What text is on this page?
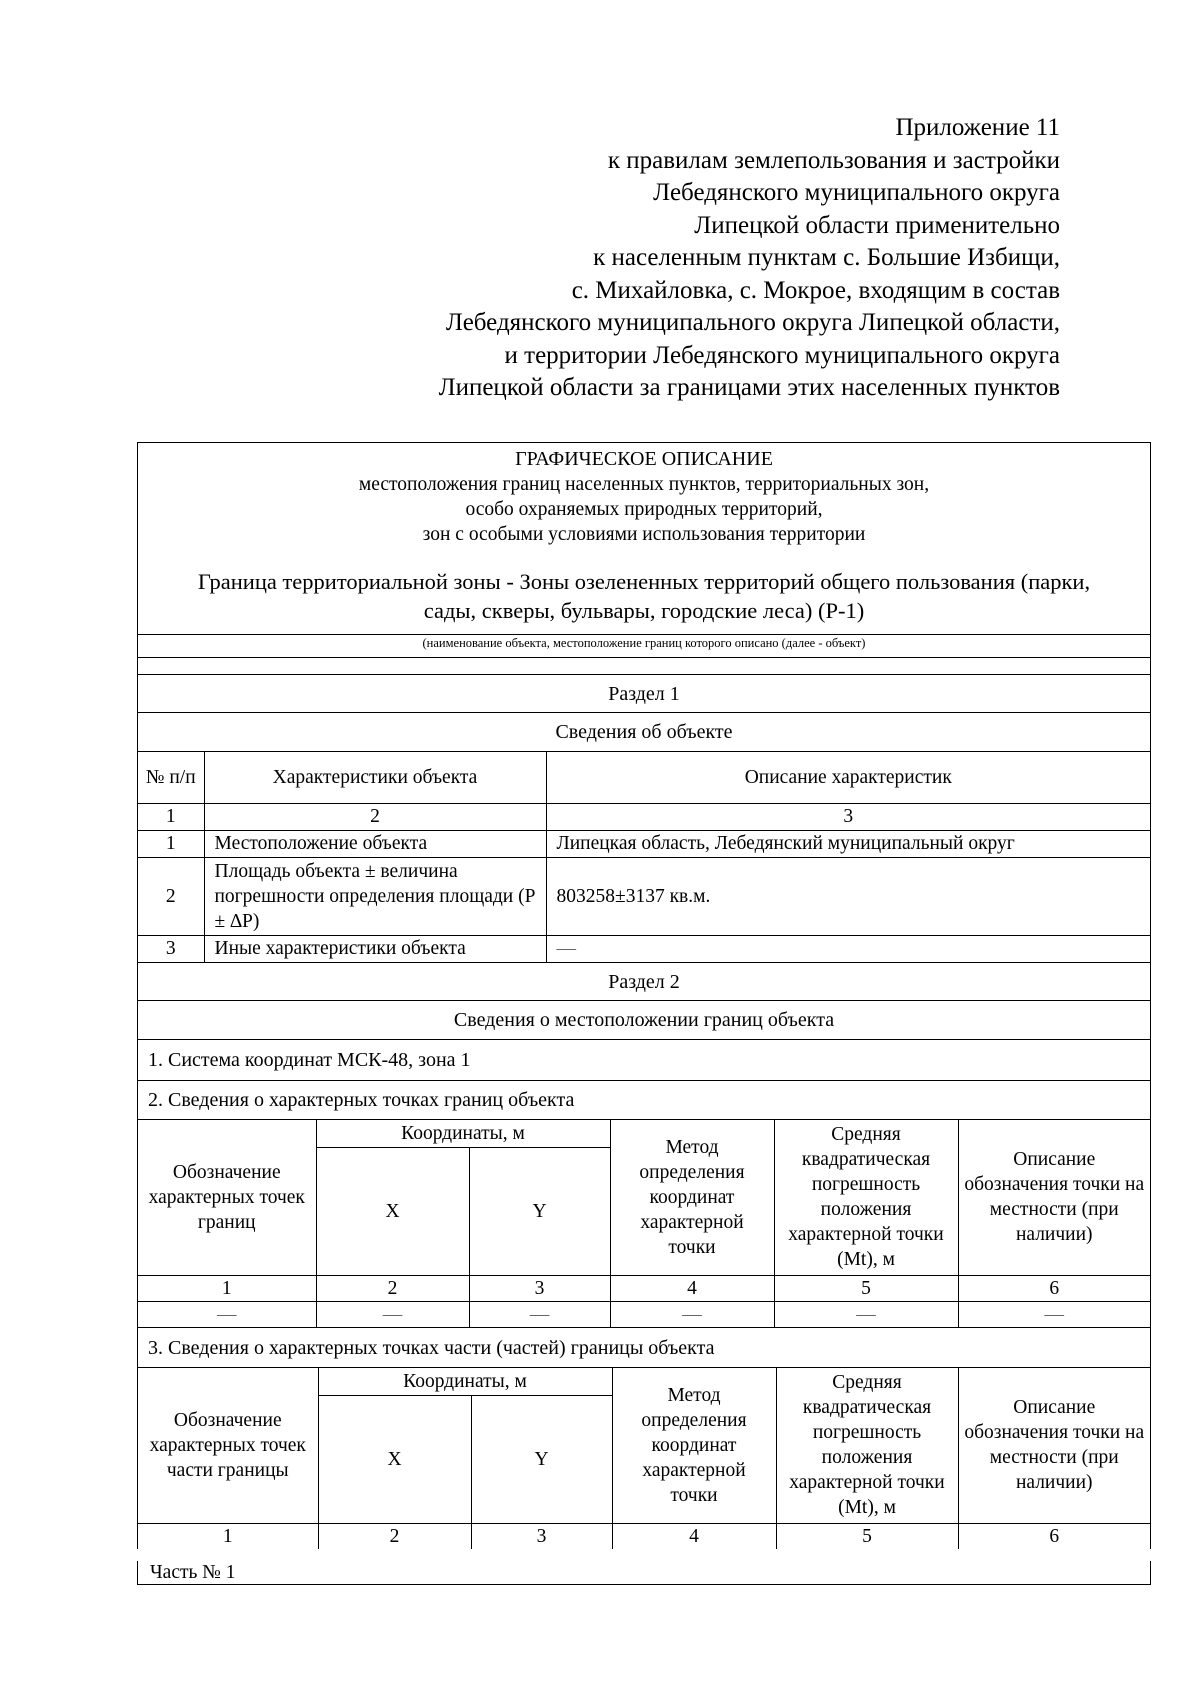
Приложение 11
к правилам землепользования и застройки
Лебедянского муниципального округа
Липецкой области применительно
к населенным пунктам с. Большие Избищи,
с. Михайловка, с. Мокрое, входящим в состав
Лебедянского муниципального округа Липецкой области,
и территории Лебедянского муниципального округа
Липецкой области за границами этих населенных пунктов
ГРАФИЧЕСКОЕ ОПИСАНИЕ
местоположения границ населенных пунктов, территориальных зон,
особо охраняемых природных территорий,
зон с особыми условиями использования территории
Граница территориальной зоны - Зоны озелененных территорий общего пользования (парки,
сады, скверы, бульвары, городские леса) (Р-1)
(наименование объекта, местоположение границ которого описано (далее - объект)
Раздел 1
Сведения об объекте
№ п/п	Характеристики объекта	Описание характеристик
1	2	3
1	Местоположение объекта	Липецкая область, Лебедянский муниципальный округ
2	Площадь объекта ± величина погрешности определения площади (Р ± ∆Р)	803258±3137 кв.м.
3	Иные характеристики объекта	—
Раздел 2
Сведения о местоположении границ объекта
1. Система координат МСК-48, зона 1
2. Сведения о характерных точках границ объекта
Обозначение характерных точек границ	Координаты, м		Метод определения координат характерной точки	Средняя квадратическая погрешность положения характерной точки (Мt), м	Описание обозначения точки на местности (при наличии)
	X	Y			
1	2	3	4	5	6
—	—	—	—	—	—
3. Сведения о характерных точках части (частей) границы объекта
Обозначение характерных точек части границы	Координаты, м		Метод определения координат характерной точки	Средняя квадратическая погрешность положения характерной точки (Мt), м	Описание обозначения точки на местности (при наличии)
	X	Y			
1	2	3	4	5	6
Часть № 1
